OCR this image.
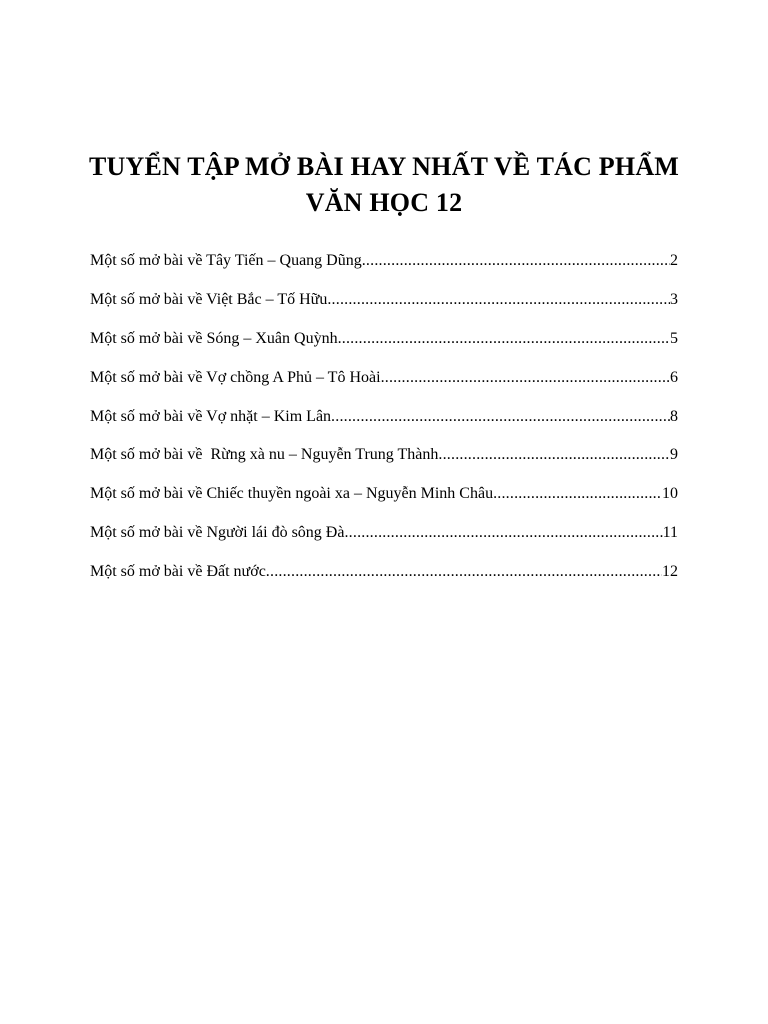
TUYỂN TẬP MỞ BÀI HAY NHẤT VỀ TÁC PHẨM
VĂN HỌC 12
Một số mở bài về Tây Tiến – Quang Dũng .....	2
Một số mở bài về Việt Bắc – Tố Hữu .....	3
Một số mở bài về Sóng – Xuân Quỳnh .....	5
Một số mở bài về Vợ chồng A Phủ – Tô Hoài .....	6
Một số mở bài về Vợ nhặt – Kim Lân .....	8
Một số mở bài về  Rừng xà nu – Nguyễn Trung Thành .....	9
Một số mở bài về Chiếc thuyền ngoài xa – Nguyễn Minh Châu .....	10
Một số mở bài về Người lái đò sông Đà .....	11
Một số mở bài về Đất nước .....	12
